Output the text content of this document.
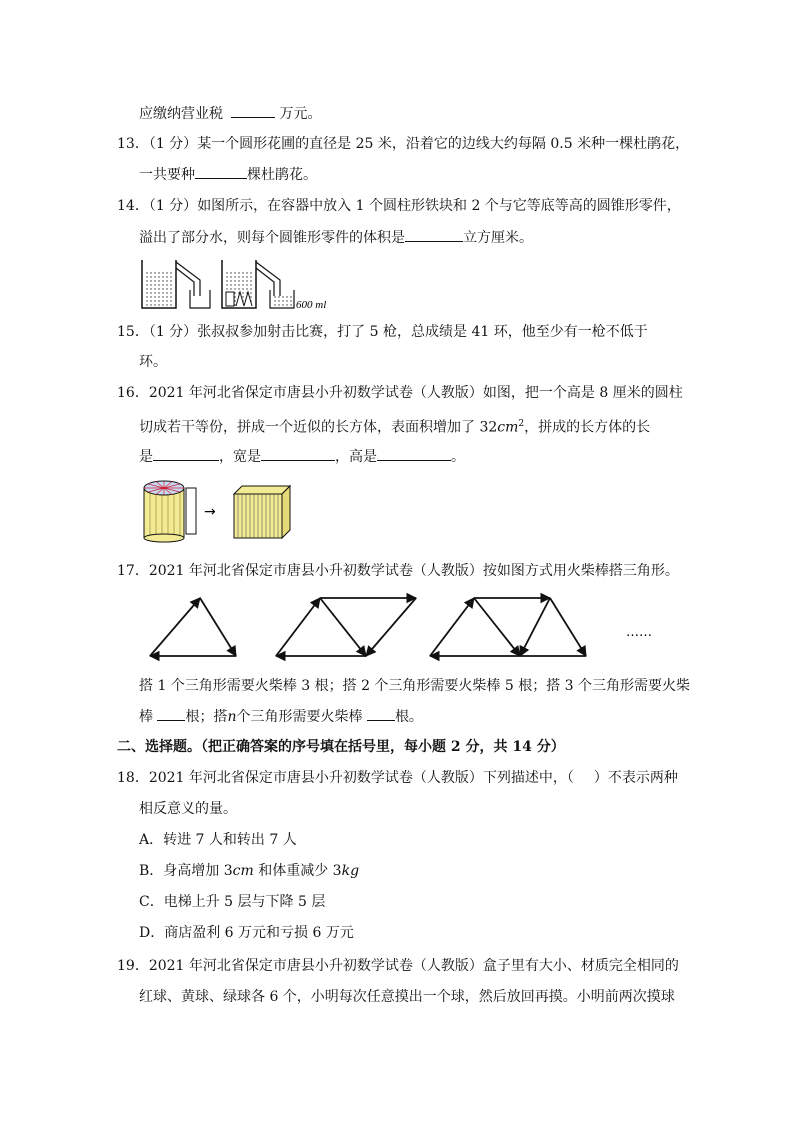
应缴纳营业税	万元。
13．（1 分）某一个圆形花圃的直径是 25 米，沿着它的边线大约每隔 0.5 米种一棵杜鹃花，
一共要种	棵杜鹃花。
14．（1 分）如图所示，在容器中放入 1 个圆柱形铁块和 2 个与它等底等高的圆锥形零件，
溢出了部分水，则每个圆锥形零件的体积是	立方厘米。
600 ml
15．（1 分）张叔叔参加射击比赛，打了 5 枪，总成绩是 41 环，他至少有一枪不低于
环。
16．2021 年河北省保定市唐县小升初数学试卷（人教版）如图，把一个高是 8 厘米的圆柱
切成若干等份，拼成一个近似的长方体，表面积增加了 $32cm^2$，拼成的长方体的长
是	，宽是	，高是	。
→
17．2021 年河北省保定市唐县小升初数学试卷（人教版）按如图方式用火柴棒搭三角形。
……
搭 1 个三角形需要火柴棒 3 根；搭 2 个三角形需要火柴棒 5 根；搭 3 个三角形需要火柴
棒 根；搭n个三角形需要火柴棒 根。
二、选择题。（把正确答案的序号填在括号里，每小题 2 分，共 14 分）
18．2021 年河北省保定市唐县小升初数学试卷（人教版）下列描述中，（ ）不表示两种
相反意义的量。
A．转进 7 人和转出 7 人
B．身高增加 3cm 和体重减少 3kg
C．电梯上升 5 层与下降 5 层
D．商店盈利 6 万元和亏损 6 万元
19．2021 年河北省保定市唐县小升初数学试卷（人教版）盒子里有大小、材质完全相同的
红球、黄球、绿球各 6 个，小明每次任意摸出一个球，然后放回再摸。小明前两次摸球
